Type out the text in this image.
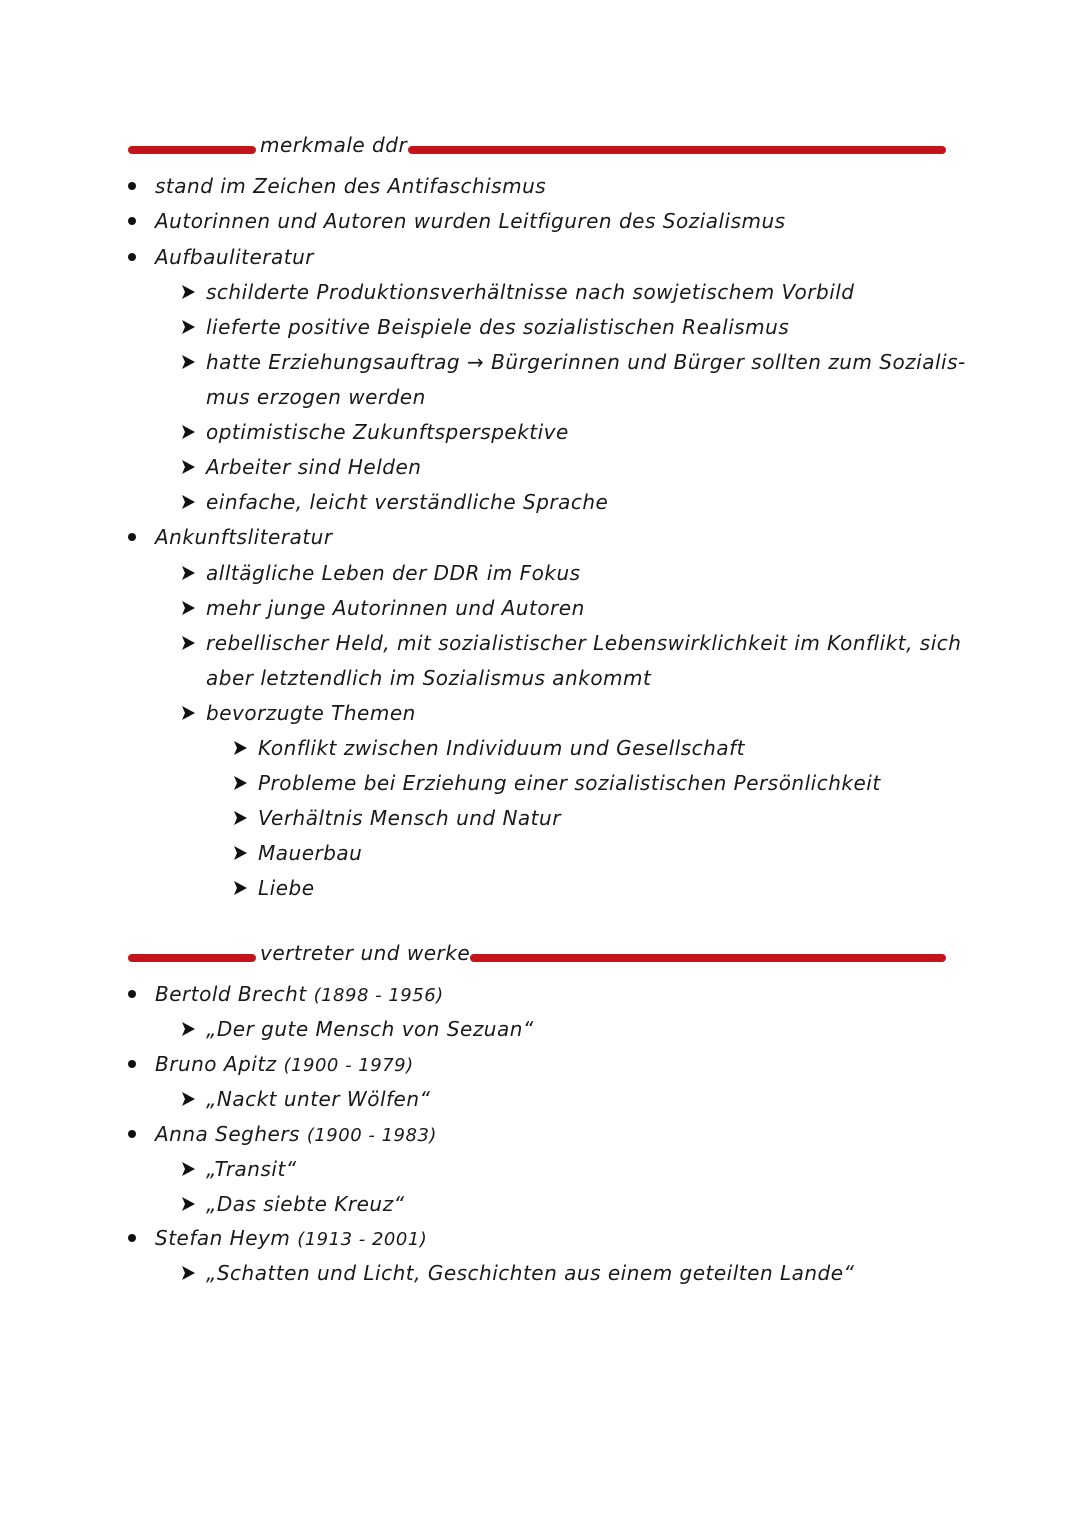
merkmale ddr
stand im Zeichen des Antifaschismus
Autorinnen und Autoren wurden Leitfiguren des Sozialismus
Aufbauliteratur
schilderte Produktionsverhältnisse nach sowjetischem Vorbild
lieferte positive Beispiele des sozialistischen Realismus
hatte Erziehungsauftrag → Bürgerinnen und Bürger sollten zum Sozialis-
mus erzogen werden
optimistische Zukunftsperspektive
Arbeiter sind Helden
einfache, leicht verständliche Sprache
Ankunftsliteratur
alltägliche Leben der DDR im Fokus
mehr junge Autorinnen und Autoren
rebellischer Held, mit sozialistischer Lebenswirklichkeit im Konflikt, sich
aber letztendlich im Sozialismus ankommt
bevorzugte Themen
Konflikt zwischen Individuum und Gesellschaft
Probleme bei Erziehung einer sozialistischen Persönlichkeit
Verhältnis Mensch und Natur
Mauerbau
Liebe
vertreter und werke
Bertold Brecht (1898 - 1956)
„Der gute Mensch von Sezuan“
Bruno Apitz (1900 - 1979)
„Nackt unter Wölfen“
Anna Seghers (1900 - 1983)
„Transit“
„Das siebte Kreuz“
Stefan Heym (1913 - 2001)
„Schatten und Licht, Geschichten aus einem geteilten Lande“
